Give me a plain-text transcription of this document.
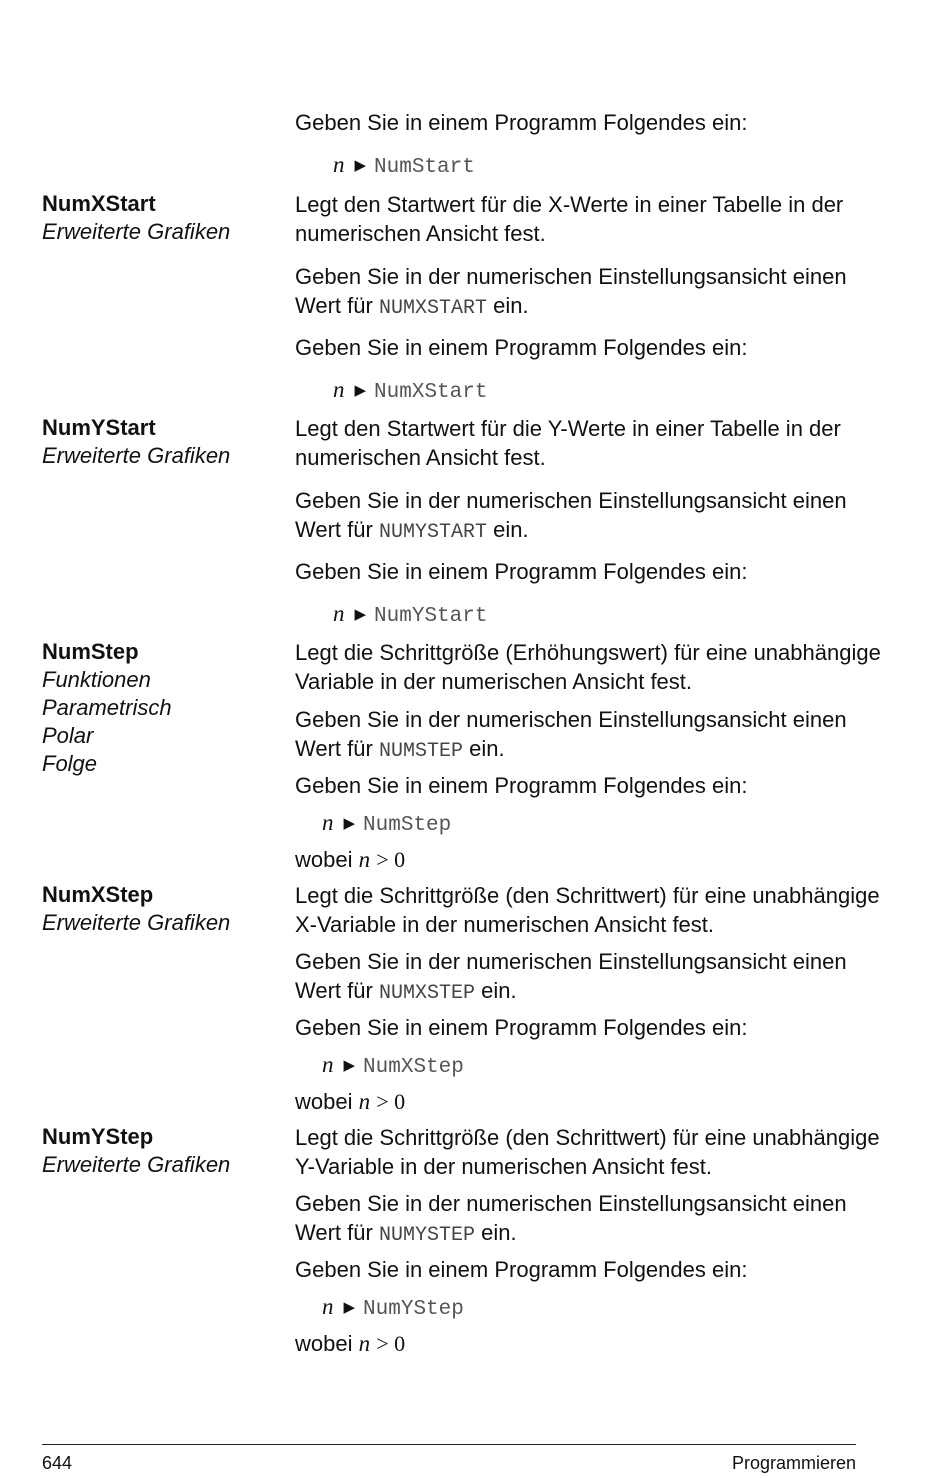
Geben Sie in einem Programm Folgendes ein:

n ▶ NumStart
NumXStart
Erweiterte Grafiken

Legt den Startwert für die X-Werte in einer Tabelle in der numerischen Ansicht fest.

Geben Sie in der numerischen Einstellungsansicht einen Wert für NUMXSTART ein.

Geben Sie in einem Programm Folgendes ein:

n ▶ NumXStart
NumYStart
Erweiterte Grafiken

Legt den Startwert für die Y-Werte in einer Tabelle in der numerischen Ansicht fest.

Geben Sie in der numerischen Einstellungsansicht einen Wert für NUMYSTART ein.

Geben Sie in einem Programm Folgendes ein:

n ▶ NumYStart
NumStep
Funktionen
Parametrisch
Polar
Folge

Legt die Schrittgröße (Erhöhungswert) für eine unabhängige Variable in der numerischen Ansicht fest.

Geben Sie in der numerischen Einstellungsansicht einen Wert für NUMSTEP ein.

Geben Sie in einem Programm Folgendes ein:

n ▶ NumStep

wobei n > 0

NumXStep
Erweiterte Grafiken

Legt die Schrittgröße (den Schrittwert) für eine unabhängige X-Variable in der numerischen Ansicht fest.

Geben Sie in der numerischen Einstellungsansicht einen Wert für NUMXSTEP ein.

Geben Sie in einem Programm Folgendes ein:

n ▶ NumXStep

wobei n > 0

NumYStep
Erweiterte Grafiken

Legt die Schrittgröße (den Schrittwert) für eine unabhängige Y-Variable in der numerischen Ansicht fest.

Geben Sie in der numerischen Einstellungsansicht einen Wert für NUMYSTEP ein.

Geben Sie in einem Programm Folgendes ein:

n ▶ NumYStep

wobei n > 0

644	Programmieren
